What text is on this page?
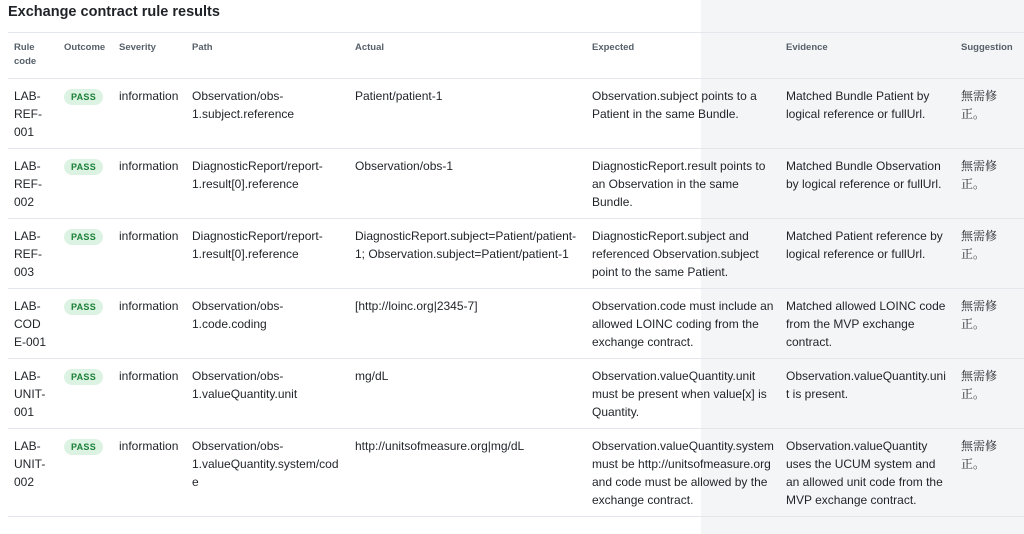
Exchange contract rule results
Rule code	Outcome	Severity	Path	Actual	Expected	Evidence	Suggestion

LAB-REF-001	PASS	information	Observation/obs-1.subject.reference	Patient/patient-1	Observation.subject points to a Patient in the same Bundle.	Matched Bundle Patient by logical reference or fullUrl.	無需修正。

LAB-REF-002	PASS	information	DiagnosticReport/report-1.result[0].reference	Observation/obs-1	DiagnosticReport.result points to an Observation in the same Bundle.	Matched Bundle Observation by logical reference or fullUrl.	無需修正。

LAB-REF-003	PASS	information	DiagnosticReport/report-1.result[0].reference	DiagnosticReport.subject=Patient/patient-1; Observation.subject=Patient/patient-1	DiagnosticReport.subject and referenced Observation.subject point to the same Patient.	Matched Patient reference by logical reference or fullUrl.	無需修正。

LAB-CODE-001	PASS	information	Observation/obs-1.code.coding	[http://loinc.org|2345-7]	Observation.code must include an allowed LOINC coding from the exchange contract.	Matched allowed LOINC code from the MVP exchange contract.	無需修正。

LAB-UNIT-001	PASS	information	Observation/obs-1.valueQuantity.unit	mg/dL	Observation.valueQuantity.unit must be present when value[x] is Quantity.	Observation.valueQuantity.unit is present.	無需修正。

LAB-UNIT-002	PASS	information	Observation/obs-1.valueQuantity.system/code	http://unitsofmeasure.org|mg/dL	Observation.valueQuantity.system must be http://unitsofmeasure.org and code must be allowed by the exchange contract.	Observation.valueQuantity uses the UCUM system and an allowed unit code from the MVP exchange contract.	無需修正。
